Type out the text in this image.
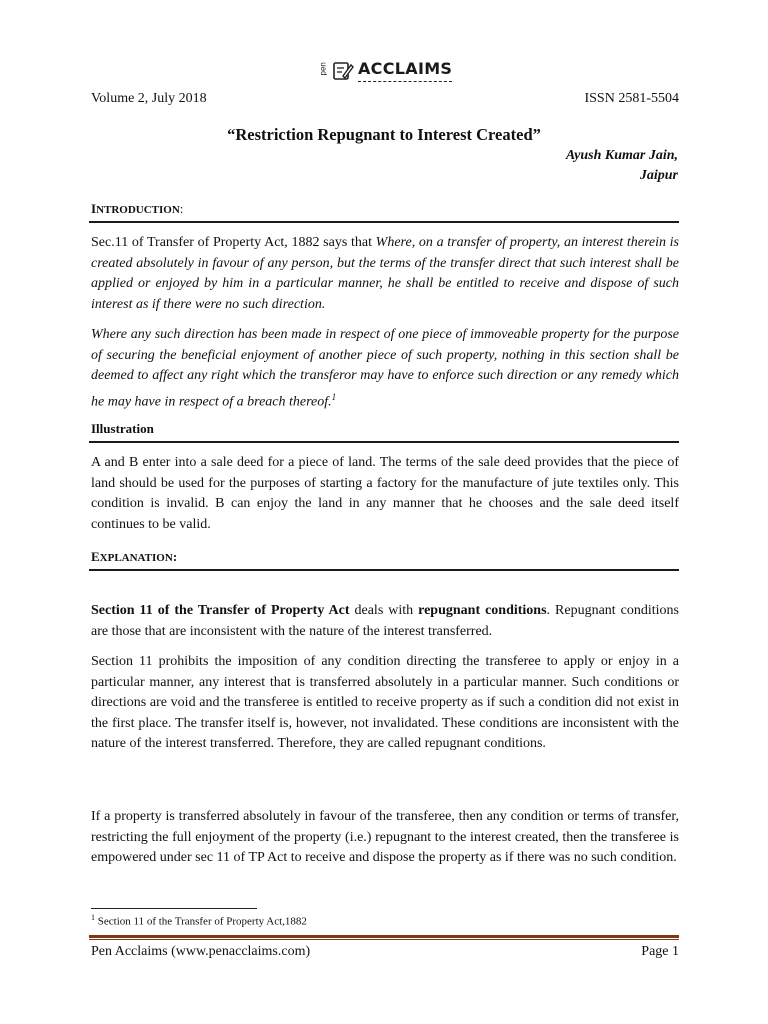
pen ACCLAIMS
Volume 2, July 2018	ISSN 2581-5504
“Restriction Repugnant to Interest Created”
Ayush Kumar Jain,
Jaipur
INTRODUCTION:
Sec.11 of Transfer of Property Act, 1882 says that Where, on a transfer of property, an interest therein is created absolutely in favour of any person, but the terms of the transfer direct that such interest shall be applied or enjoyed by him in a particular manner, he shall be entitled to receive and dispose of such interest as if there were no such direction.
Where any such direction has been made in respect of one piece of immoveable property for the purpose of securing the beneficial enjoyment of another piece of such property, nothing in this section shall be deemed to affect any right which the transferor may have to enforce such direction or any remedy which he may have in respect of a breach thereof.$^1$
Illustration
A and B enter into a sale deed for a piece of land. The terms of the sale deed provides that the piece of land should be used for the purposes of starting a factory for the manufacture of jute textiles only. This condition is invalid. B can enjoy the land in any manner that he chooses and the sale deed itself continues to be valid.
EXPLANATION:
Section 11 of the Transfer of Property Act deals with repugnant conditions. Repugnant conditions are those that are inconsistent with the nature of the interest transferred.
Section 11 prohibits the imposition of any condition directing the transferee to apply or enjoy in a particular manner, any interest that is transferred absolutely in a particular manner. Such conditions or directions are void and the transferee is entitled to receive property as if such a condition did not exist in the first place. The transfer itself is, however, not invalidated. These conditions are inconsistent with the nature of the interest transferred. Therefore, they are called repugnant conditions.
If a property is transferred absolutely in favour of the transferee, then any condition or terms of transfer, restricting the full enjoyment of the property (i.e.) repugnant to the interest created, then the transferee is empowered under sec 11 of TP Act to receive and dispose the property as if there was no such condition.
$^1$ Section 11 of the Transfer of Property Act,1882
Pen Acclaims (www.penacclaims.com)	Page 1
